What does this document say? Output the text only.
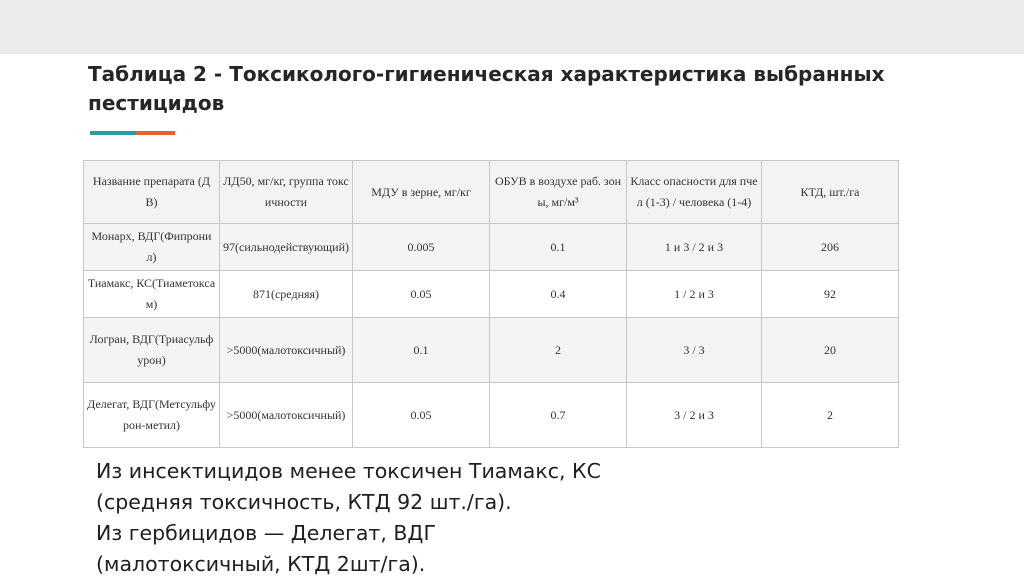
Таблица 2 - Токсиколого-гигиеническая характеристика выбранных пестицидов
Название препарата (ДВ)	ЛД50, мг/кг, группа токсичности	МДУ в зерне, мг/кг	ОБУВ в воздухе раб. зоны, мг/м³	Класс опасности для пчел (1-3) / человека (1-4)	КТД, шт./га
Монарх, ВДГ(Фипронил)	97(сильнодействующий)	0.005	0.1	1 и 3 / 2 и 3	206
Тиамакс, КС(Тиаметоксам)	871(средняя)	0.05	0.4	1 / 2 и 3	92
Логран, ВДГ(Триасульфурон)	>5000(малотоксичный)	0.1	2	3 / 3	20
Делегат, ВДГ(Метсульфурон-метил)	>5000(малотоксичный)	0.05	0.7	3 / 2 и 3	2
Из инсектицидов менее токсичен Тиамакс, КС
(средняя токсичность, КТД 92 шт./га).
Из гербицидов — Делегат, ВДГ
(малотоксичный, КТД 2шт/га).
